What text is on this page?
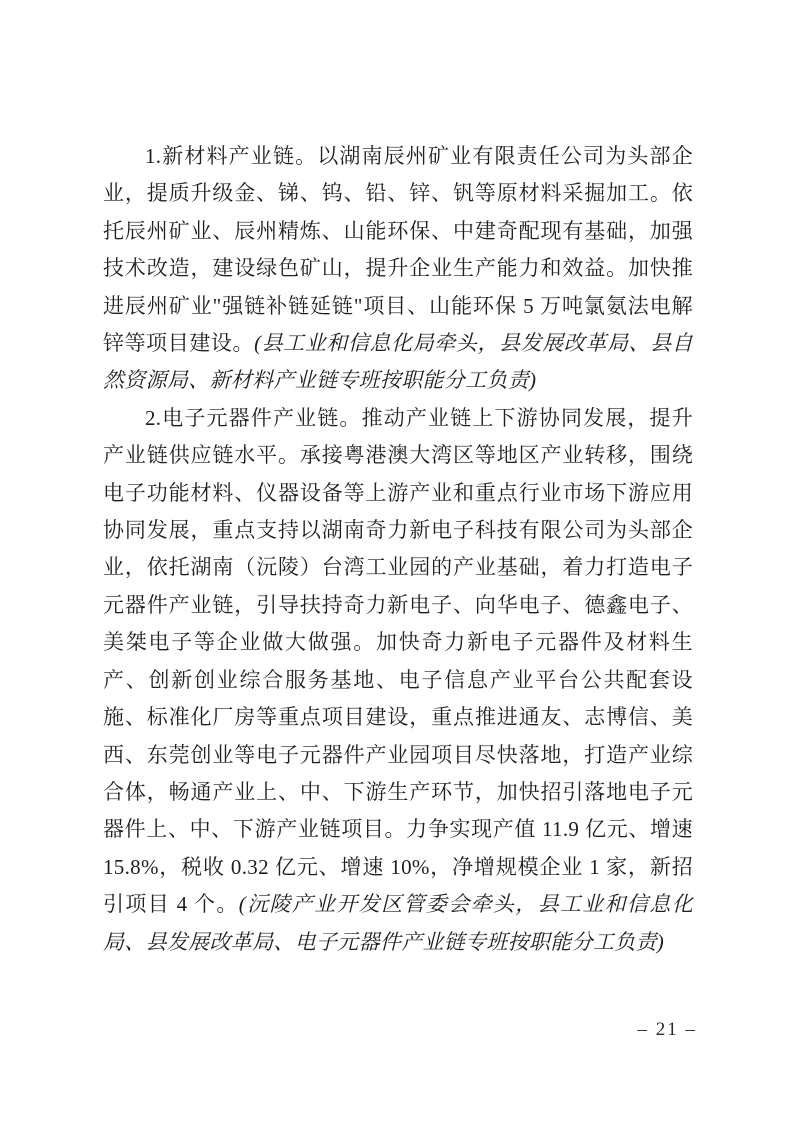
1.新材料产业链。以湖南辰州矿业有限责任公司为头部企业，提质升级金、锑、钨、铅、锌、钒等原材料采掘加工。依托辰州矿业、辰州精炼、山能环保、中建奇配现有基础，加强技术改造，建设绿色矿山，提升企业生产能力和效益。加快推进辰州矿业"强链补链延链"项目、山能环保 5 万吨氯氨法电解锌等项目建设。(县工业和信息化局牵头，县发展改革局、县自然资源局、新材料产业链专班按职能分工负责)

2.电子元器件产业链。推动产业链上下游协同发展，提升产业链供应链水平。承接粤港澳大湾区等地区产业转移，围绕电子功能材料、仪器设备等上游产业和重点行业市场下游应用协同发展，重点支持以湖南奇力新电子科技有限公司为头部企业，依托湖南（沅陵）台湾工业园的产业基础，着力打造电子元器件产业链，引导扶持奇力新电子、向华电子、德鑫电子、美桀电子等企业做大做强。加快奇力新电子元器件及材料生产、创新创业综合服务基地、电子信息产业平台公共配套设施、标准化厂房等重点项目建设，重点推进通友、志博信、美西、东莞创业等电子元器件产业园项目尽快落地，打造产业综合体，畅通产业上、中、下游生产环节，加快招引落地电子元器件上、中、下游产业链项目。力争实现产值 11.9 亿元、增速 15.8%，税收 0.32 亿元、增速 10%，净增规模企业 1 家，新招引项目 4 个。(沅陵产业开发区管委会牵头，县工业和信息化局、县发展改革局、电子元器件产业链专班按职能分工负责)

– 21 –
